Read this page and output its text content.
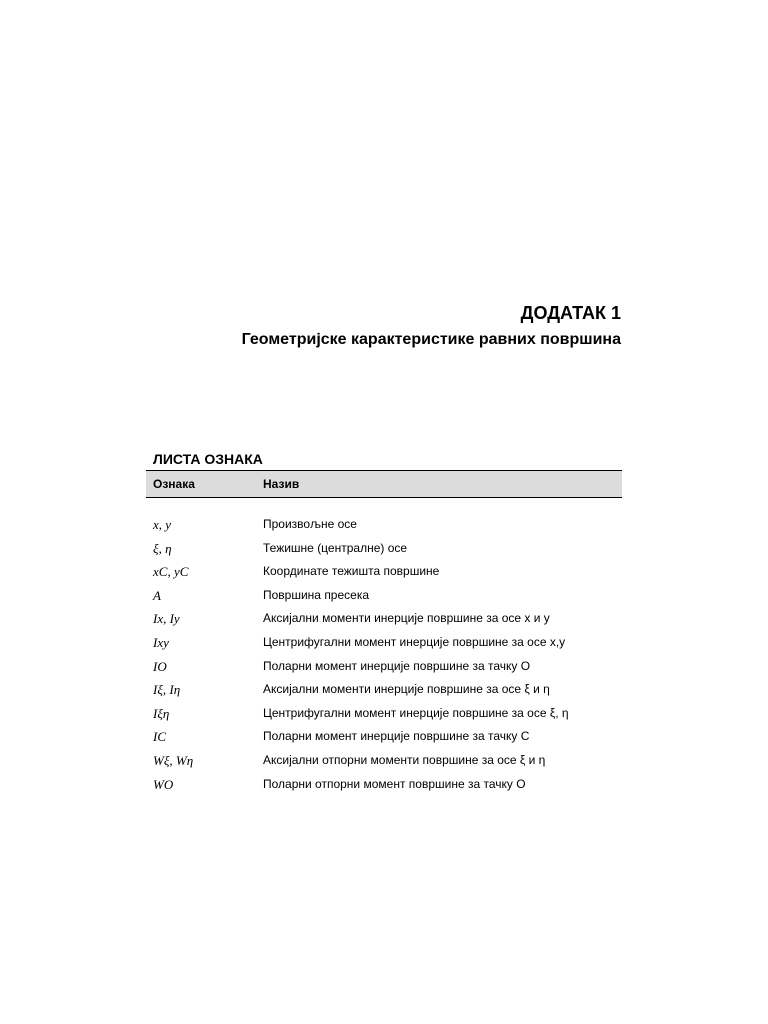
ДОДАТАК 1
Геометријске карактеристике равних површина
ЛИСТА ОЗНАКА
Ознака	Назив
x, y	Произвољне осе
ξ, η	Тежишне (централне) осе
xC, yC	Координате тежишта површине
A	Површина пресека
Ix, Iy	Аксијални моменти инерције површине за осе x и y
Ixy	Центрифугални момент инерције површине за осе x,y
IO	Поларни момент инерције површине за тачку O
Iξ, Iη	Аксијални моменти инерције површине за осе ξ и η
Iξη	Центрифугални момент инерције површине за осе ξ, η
IC	Поларни момент инерције површине за тачку C
Wξ, Wη	Аксијални отпорни моменти површине за осе ξ и η
WO	Поларни отпорни момент површине за тачку O
